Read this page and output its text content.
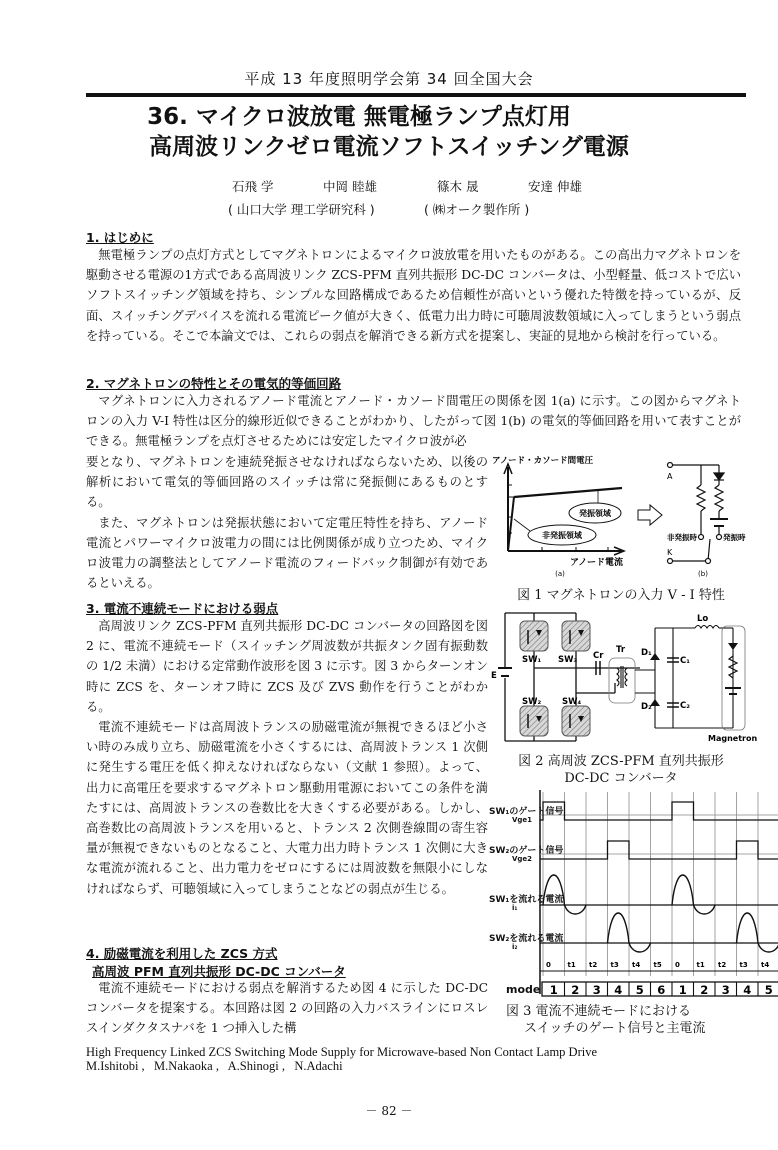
平成 13 年度照明学会第 34 回全国大会
36. マイクロ波放電 無電極ランプ点灯用
高周波リンクゼロ電流ソフトスイッチング電源
石飛 学	中岡 睦雄	篠木 晟	安達 伸雄
( 山口大学 理工学研究科 )	( ㈱オーク製作所 )
1. はじめに

無電極ランプの点灯方式としてマグネトロンによるマイクロ波放電を用いたものがある。この高出力マグネトロンを駆動させる電源の1方式である高周波リンク ZCS-PFM 直列共振形 DC-DC コンバータは、小型軽量、低コストで広いソフトスイッチング領域を持ち、シンプルな回路構成であるため信頼性が高いという優れた特徴を持っているが、反面、スイッチングデバイスを流れる電流ピーク値が大きく、低電力出力時に可聴周波数領域に入ってしまうという弱点を持っている。そこで本論文では、これらの弱点を解消できる新方式を提案し、実証的見地から検討を行っている。

2. マグネトロンの特性とその電気的等価回路

マグネトロンに入力されるアノード電流とアノード・カソード間電圧の関係を図 1(a) に示す。この図からマグネトロンの入力 V-I 特性は区分的線形近似できることがわかり、したがって図 1(b) の電気的等価回路を用いて表すことができる。無電極ランプを点灯させるためには安定したマイクロ波が必

要となり、マグネトロンを連続発振させなければならないため、以後の解析において電気的等価回路のスイッチは常に発振側にあるものとする。

また、マグネトロンは発振状態において定電圧特性を持ち、アノード電流とパワーマイクロ波電力の間には比例関係が成り立つため、マイクロ波電力の調整法としてアノード電流のフィードバック制御が有効であるといえる。

アノード・カソード間電圧
発振領域
非発振領域
アノード電流
(a)
A
K
非発振時	発振時
(b)
図 1 マグネトロンの入力 V - I 特性
3. 電流不連続モードにおける弱点

高周波リンク ZCS-PFM 直列共振形 DC-DC コンバータの回路図を図 2 に、電流不連続モード（スイッチング周波数が共振タンク固有振動数の 1/2 未満）における定常動作波形を図 3 に示す。図 3 からターンオン時に ZCS を、ターンオフ時に ZCS 及び ZVS 動作を行うことがわかる。

電流不連続モードは高周波トランスの励磁電流が無視できるほど小さい時のみ成り立ち、励磁電流を小さくするには、高周波トランス 1 次側に発生する電圧を低く抑えなければならない（文献 1 参照）。よって、出力に高電圧を要求するマグネトロン駆動用電源においてこの条件を満たすには、高周波トランスの巻数比を大きくする必要がある。しかし、高巻数比の高周波トランスを用いると、トランス 2 次側巻線間の寄生容量が無視できないものとなること、大電力出力時トランス 1 次側に大きな電流が流れること、出力電力をゼロにするには周波数を無限小にしなければならず、可聴領域に入ってしまうことなどの弱点が生じる。

SW₁ SW₃
SW₂ SW₄
E
Cr
Tr D₁
D₂
C₁
C₂
Lo
Magnetron
図 2 高周波 ZCS-PFM 直列共振形
DC-DC コンバータ
SW₁のゲート信号
Vge1
SW₂のゲート信号
Vge2
SW₁を流れる電流
i₁
SW₂を流れる電流
i₂
mode
0 t1 t2 t3 t4 t5 0 t1 t2 t3 t4
1 2 3 4 5 6 1 2 3 4 5
図 3 電流不連続モードにおける
スイッチのゲート信号と主電流
4. 励磁電流を利用した ZCS 方式
高周波 PFM 直列共振形 DC-DC コンバータ

電流不連続モードにおける弱点を解消するため図 4 に示した DC-DC コンバータを提案する。本回路は図 2 の回路の入力バスラインにロスレスインダクタスナバを 1 つ挿入した構

High Frequency Linked ZCS Switching Mode Supply for Microwave-based Non Contact Lamp Drive
M.Ishitobi ,   M.Nakaoka ,   A.Shinogi ,   N.Adachi
－ 82 －
